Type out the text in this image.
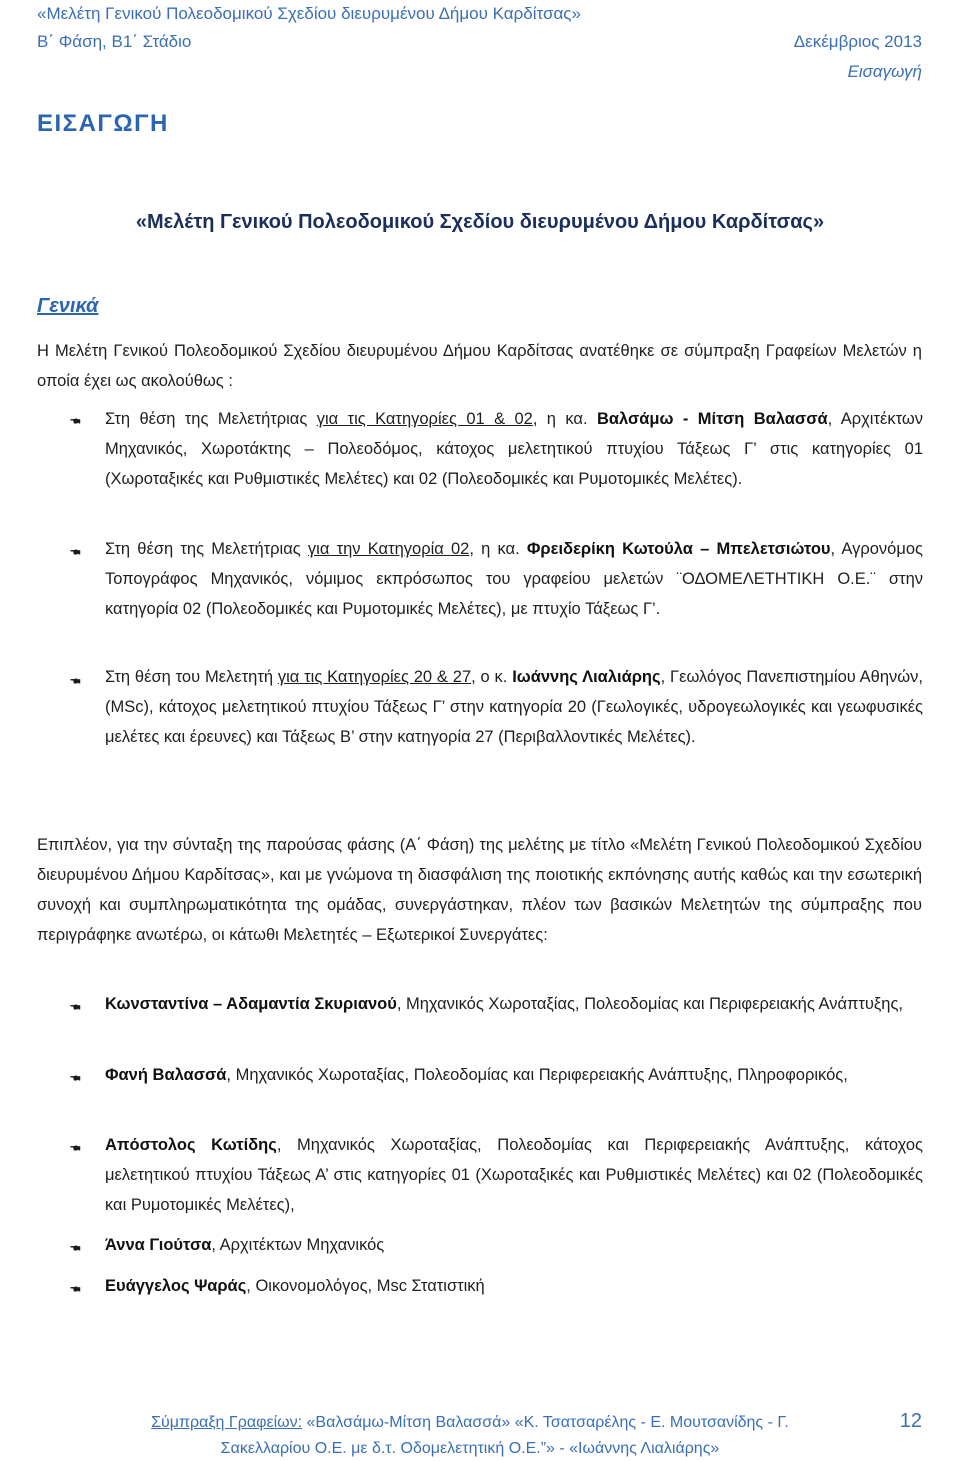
«Μελέτη Γενικού Πολεοδομικού Σχεδίου διευρυμένου Δήμου Καρδίτσας»
Β΄ Φάση, Β1΄ Στάδιο	Δεκέμβριος 2013
Εισαγωγή
ΕΙΣΑΓΩΓΗ
«Μελέτη Γενικού Πολεοδομικού Σχεδίου διευρυμένου Δήμου Καρδίτσας»
Γενικά
Η Μελέτη Γενικού Πολεοδομικού Σχεδίου διευρυμένου Δήμου Καρδίτσας ανατέθηκε σε σύμπραξη Γραφείων Μελετών η οποία έχει ως ακολούθως :
🖜 Στη θέση της Μελετήτριας για τις Κατηγορίες 01 & 02, η κα. Βαλσάμω - Μίτση Βαλασσά, Αρχιτέκτων Μηχανικός, Χωροτάκτης – Πολεοδόμος, κάτοχος μελετητικού πτυχίου Τάξεως Γ’ στις κατηγορίες 01 (Χωροταξικές και Ρυθμιστικές Μελέτες) και 02 (Πολεοδομικές και Ρυμοτομικές Μελέτες).
🖜 Στη θέση της Μελετήτριας για την Κατηγορία 02, η κα. Φρειδερίκη Κωτούλα – Μπελετσιώτου, Αγρονόμος Τοπογράφος Μηχανικός, νόμιμος εκπρόσωπος του γραφείου μελετών ¨ΟΔΟΜΕΛΕΤΗΤΙΚΗ Ο.Ε.¨ στην κατηγορία 02 (Πολεοδομικές και Ρυμοτομικές Μελέτες), με πτυχίο Τάξεως Γ’.
🖜 Στη θέση του Μελετητή για τις Κατηγορίες 20 & 27, ο κ. Ιωάννης Λιαλιάρης, Γεωλόγος Πανεπιστημίου Αθηνών, (MSc), κάτοχος μελετητικού πτυχίου Τάξεως Γ’ στην κατηγορία 20 (Γεωλογικές, υδρογεωλογικές και γεωφυσικές μελέτες και έρευνες) και Τάξεως Β’ στην κατηγορία 27 (Περιβαλλοντικές Μελέτες).
Επιπλέον, για την σύνταξη της παρούσας φάσης (Α΄ Φάση) της μελέτης με τίτλο «Μελέτη Γενικού Πολεοδομικού Σχεδίου διευρυμένου Δήμου Καρδίτσας», και με γνώμονα τη διασφάλιση της ποιοτικής εκπόνησης αυτής καθώς και την εσωτερική συνοχή και συμπληρωματικότητα της ομάδας, συνεργάστηκαν, πλέον των βασικών Μελετητών της σύμπραξης που περιγράφηκε ανωτέρω, οι κάτωθι Μελετητές – Εξωτερικοί Συνεργάτες:
🖜 Κωνσταντίνα – Αδαμαντία Σκυριανού, Μηχανικός Χωροταξίας, Πολεοδομίας και Περιφερειακής Ανάπτυξης,
🖜 Φανή Βαλασσά, Μηχανικός Χωροταξίας, Πολεοδομίας και Περιφερειακής Ανάπτυξης, Πληροφορικός,
🖜 Απόστολος Κωτίδης, Μηχανικός Χωροταξίας, Πολεοδομίας και Περιφερειακής Ανάπτυξης, κάτοχος μελετητικού πτυχίου Τάξεως Α’ στις κατηγορίες 01 (Χωροταξικές και Ρυθμιστικές Μελέτες) και 02 (Πολεοδομικές και Ρυμοτομικές Μελέτες),
🖜 Άννα Γιούτσα, Αρχιτέκτων Μηχανικός
🖜 Ευάγγελος Ψαράς, Οικονομολόγος, Msc Στατιστική
Σύμπραξη Γραφείων: «Βαλσάμω-Μίτση Βαλασσά» «Κ. Τσατσαρέλης - Ε. Μουτσανίδης - Γ.
Σακελλαρίου Ο.Ε. με δ.τ. Οδομελετητική Ο.Ε.”» - «Ιωάννης Λιαλιάρης»
12
